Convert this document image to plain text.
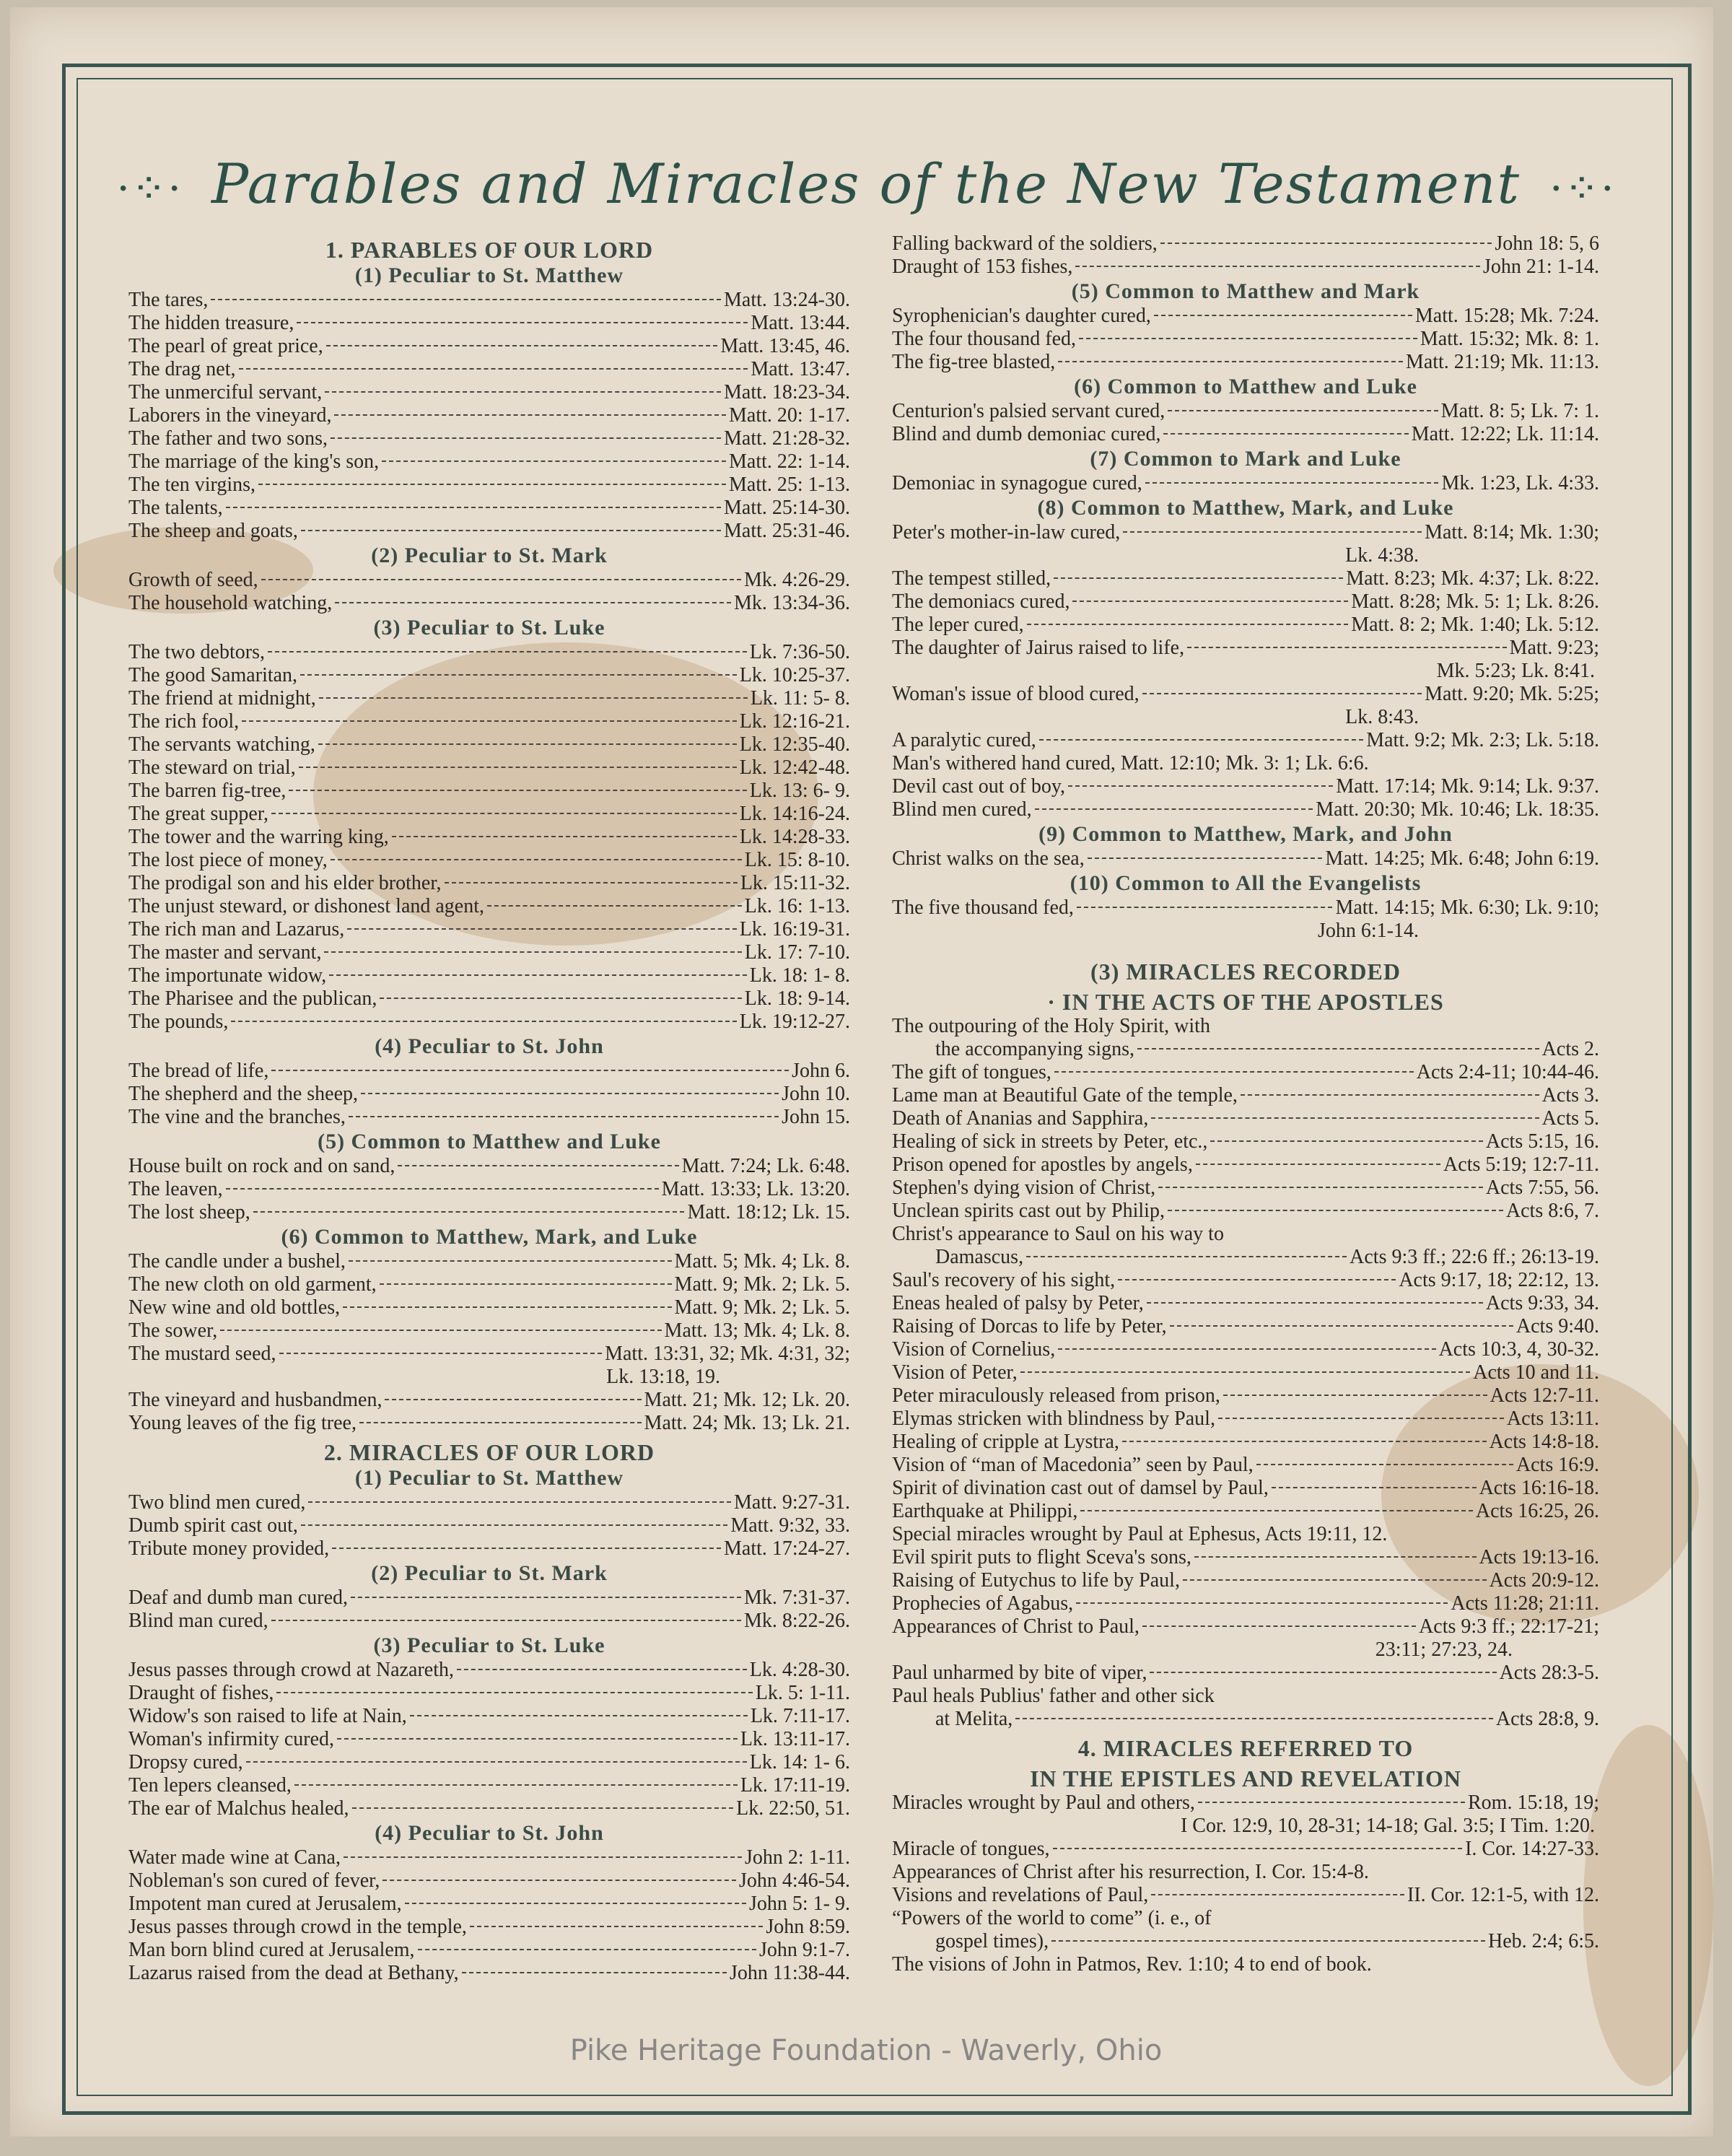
·⁘· Parables and Miracles of the New Testament ·⁘·
1. PARABLES OF OUR LORD
(1) Peculiar to St. Matthew
The tares,	Matt. 13:24-30.
The hidden treasure,	Matt. 13:44.
The pearl of great price,	Matt. 13:45, 46.
The drag net,	Matt. 13:47.
The unmerciful servant,	Matt. 18:23-34.
Laborers in the vineyard,	Matt. 20: 1-17.
The father and two sons,	Matt. 21:28-32.
The marriage of the king's son,	Matt. 22: 1-14.
The ten virgins,	Matt. 25: 1-13.
The talents,	Matt. 25:14-30.
The sheep and goats,	Matt. 25:31-46.
(2) Peculiar to St. Mark
Growth of seed,	Mk. 4:26-29.
The household watching,	Mk. 13:34-36.
(3) Peculiar to St. Luke
The two debtors,	Lk. 7:36-50.
The good Samaritan,	Lk. 10:25-37.
The friend at midnight,	Lk. 11: 5- 8.
The rich fool,	Lk. 12:16-21.
The servants watching,	Lk. 12:35-40.
The steward on trial,	Lk. 12:42-48.
The barren fig-tree,	Lk. 13: 6- 9.
The great supper,	Lk. 14:16-24.
The tower and the warring king,	Lk. 14:28-33.
The lost piece of money,	Lk. 15: 8-10.
The prodigal son and his elder brother,	Lk. 15:11-32.
The unjust steward, or dishonest land agent,	Lk. 16: 1-13.
The rich man and Lazarus,	Lk. 16:19-31.
The master and servant,	Lk. 17: 7-10.
The importunate widow,	Lk. 18: 1- 8.
The Pharisee and the publican,	Lk. 18: 9-14.
The pounds,	Lk. 19:12-27.
(4) Peculiar to St. John
The bread of life,	John 6.
The shepherd and the sheep,	John 10.
The vine and the branches,	John 15.
(5) Common to Matthew and Luke
House built on rock and on sand,	Matt. 7:24; Lk. 6:48.
The leaven,	Matt. 13:33; Lk. 13:20.
The lost sheep,	Matt. 18:12; Lk. 15.
(6) Common to Matthew, Mark, and Luke
The candle under a bushel,	Matt. 5; Mk. 4; Lk. 8.
The new cloth on old garment,	Matt. 9; Mk. 2; Lk. 5.
New wine and old bottles,	Matt. 9; Mk. 2; Lk. 5.
The sower,	Matt. 13; Mk. 4; Lk. 8.
The mustard seed,	Matt. 13:31, 32; Mk. 4:31, 32;
Lk. 13:18, 19.
The vineyard and husbandmen,	Matt. 21; Mk. 12; Lk. 20.
Young leaves of the fig tree,	Matt. 24; Mk. 13; Lk. 21.
2. MIRACLES OF OUR LORD
(1) Peculiar to St. Matthew
Two blind men cured,	Matt. 9:27-31.
Dumb spirit cast out,	Matt. 9:32, 33.
Tribute money provided,	Matt. 17:24-27.
(2) Peculiar to St. Mark
Deaf and dumb man cured,	Mk. 7:31-37.
Blind man cured,	Mk. 8:22-26.
(3) Peculiar to St. Luke
Jesus passes through crowd at Nazareth,	Lk. 4:28-30.
Draught of fishes,	Lk. 5: 1-11.
Widow's son raised to life at Nain,	Lk. 7:11-17.
Woman's infirmity cured,	Lk. 13:11-17.
Dropsy cured,	Lk. 14: 1- 6.
Ten lepers cleansed,	Lk. 17:11-19.
The ear of Malchus healed,	Lk. 22:50, 51.
(4) Peculiar to St. John
Water made wine at Cana,	John 2: 1-11.
Nobleman's son cured of fever,	John 4:46-54.
Impotent man cured at Jerusalem,	John 5: 1- 9.
Jesus passes through crowd in the temple,	John 8:59.
Man born blind cured at Jerusalem,	John 9:1-7.
Lazarus raised from the dead at Bethany,	John 11:38-44.
Falling backward of the soldiers,	John 18: 5, 6
Draught of 153 fishes,	John 21: 1-14.
(5) Common to Matthew and Mark
Syrophenician's daughter cured,	Matt. 15:28; Mk. 7:24.
The four thousand fed,	Matt. 15:32; Mk. 8: 1.
The fig-tree blasted,	Matt. 21:19; Mk. 11:13.
(6) Common to Matthew and Luke
Centurion's palsied servant cured,	Matt. 8: 5; Lk. 7: 1.
Blind and dumb demoniac cured,	Matt. 12:22; Lk. 11:14.
(7) Common to Mark and Luke
Demoniac in synagogue cured,	Mk. 1:23, Lk. 4:33.
(8) Common to Matthew, Mark, and Luke
Peter's mother-in-law cured,	Matt. 8:14; Mk. 1:30;
Lk. 4:38.
The tempest stilled,	Matt. 8:23; Mk. 4:37; Lk. 8:22.
The demoniacs cured,	Matt. 8:28; Mk. 5: 1; Lk. 8:26.
The leper cured,	Matt. 8: 2; Mk. 1:40; Lk. 5:12.
The daughter of Jairus raised to life,	Matt. 9:23;
Mk. 5:23; Lk. 8:41.
Woman's issue of blood cured,	Matt. 9:20; Mk. 5:25;
Lk. 8:43.
A paralytic cured,	Matt. 9:2; Mk. 2:3; Lk. 5:18.
Man's withered hand cured, Matt. 12:10; Mk. 3: 1; Lk. 6:6.
Devil cast out of boy,	Matt. 17:14; Mk. 9:14; Lk. 9:37.
Blind men cured,	Matt. 20:30; Mk. 10:46; Lk. 18:35.
(9) Common to Matthew, Mark, and John
Christ walks on the sea,	Matt. 14:25; Mk. 6:48; John 6:19.
(10) Common to All the Evangelists
The five thousand fed,	Matt. 14:15; Mk. 6:30; Lk. 9:10;
John 6:1-14.
(3) MIRACLES RECORDED
· IN THE ACTS OF THE APOSTLES
The outpouring of the Holy Spirit, with
the accompanying signs,	Acts 2.
The gift of tongues,	Acts 2:4-11; 10:44-46.
Lame man at Beautiful Gate of the temple,	Acts 3.
Death of Ananias and Sapphira,	Acts 5.
Healing of sick in streets by Peter, etc.,	Acts 5:15, 16.
Prison opened for apostles by angels,	Acts 5:19; 12:7-11.
Stephen's dying vision of Christ,	Acts 7:55, 56.
Unclean spirits cast out by Philip,	Acts 8:6, 7.
Christ's appearance to Saul on his way to
Damascus,	Acts 9:3 ff.; 22:6 ff.; 26:13-19.
Saul's recovery of his sight,	Acts 9:17, 18; 22:12, 13.
Eneas healed of palsy by Peter,	Acts 9:33, 34.
Raising of Dorcas to life by Peter,	Acts 9:40.
Vision of Cornelius,	Acts 10:3, 4, 30-32.
Vision of Peter,	Acts 10 and 11.
Peter miraculously released from prison,	Acts 12:7-11.
Elymas stricken with blindness by Paul,	Acts 13:11.
Healing of cripple at Lystra,	Acts 14:8-18.
Vision of “man of Macedonia” seen by Paul,	Acts 16:9.
Spirit of divination cast out of damsel by Paul,	Acts 16:16-18.
Earthquake at Philippi,	Acts 16:25, 26.
Special miracles wrought by Paul at Ephesus, Acts 19:11, 12.
Evil spirit puts to flight Sceva's sons,	Acts 19:13-16.
Raising of Eutychus to life by Paul,	Acts 20:9-12.
Prophecies of Agabus,	Acts 11:28; 21:11.
Appearances of Christ to Paul,	Acts 9:3 ff.; 22:17-21;
23:11; 27:23, 24.
Paul unharmed by bite of viper,	Acts 28:3-5.
Paul heals Publius' father and other sick
at Melita,	Acts 28:8, 9.
4. MIRACLES REFERRED TO
IN THE EPISTLES AND REVELATION
Miracles wrought by Paul and others,	Rom. 15:18, 19;
I Cor. 12:9, 10, 28-31; 14-18; Gal. 3:5; I Tim. 1:20.
Miracle of tongues,	I. Cor. 14:27-33.
Appearances of Christ after his resurrection, I. Cor. 15:4-8.
Visions and revelations of Paul,	II. Cor. 12:1-5, with 12.
“Powers of the world to come” (i. e., of
gospel times),	Heb. 2:4; 6:5.
The visions of John in Patmos, Rev. 1:10; 4 to end of book.
Pike Heritage Foundation - Waverly, Ohio
